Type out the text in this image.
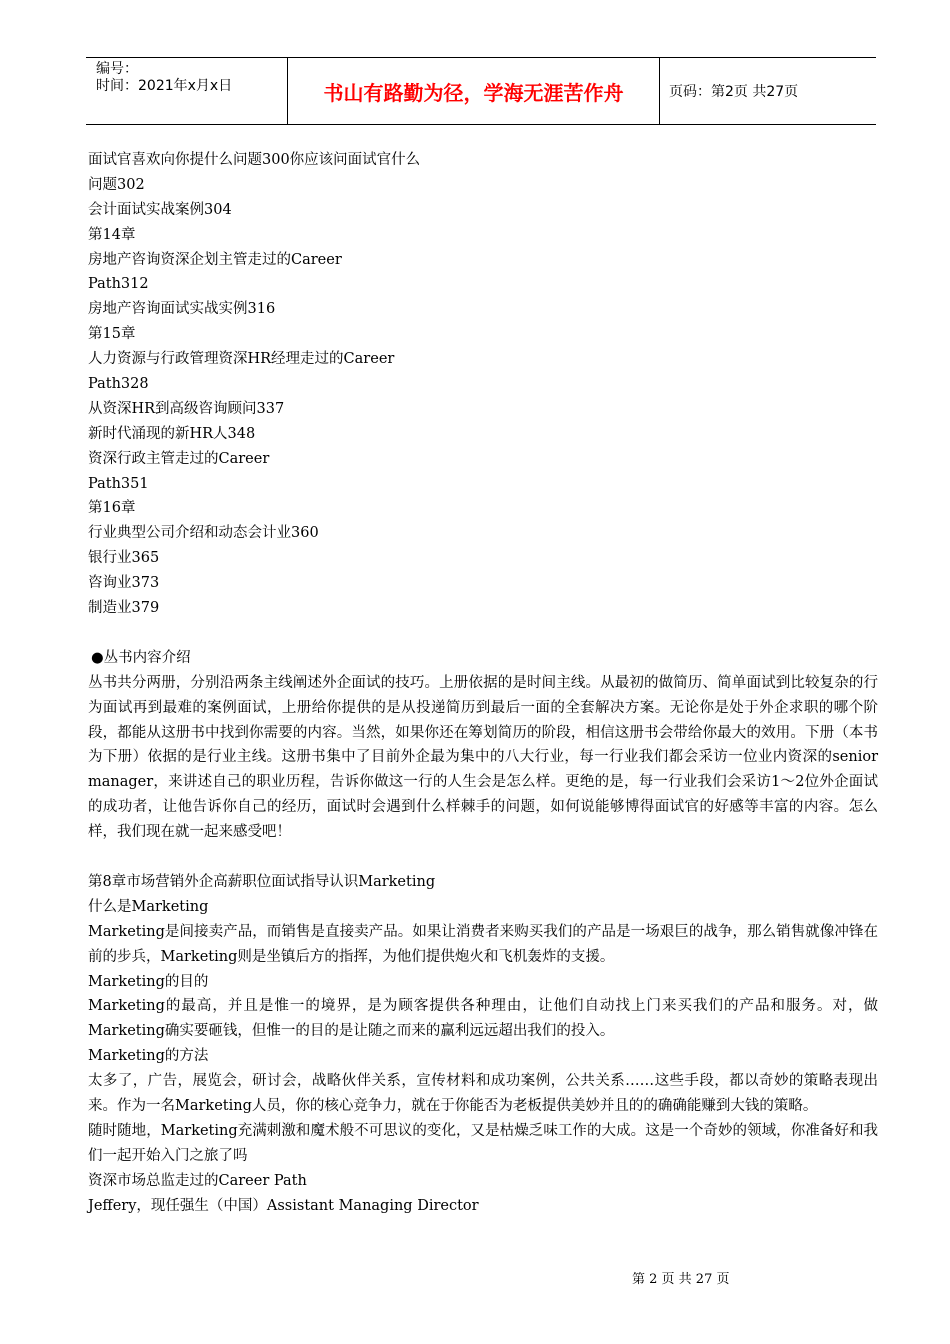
编号：
时间：2021年x月x日	书山有路勤为径，学海无涯苦作舟	页码：第2页 共27页
面试官喜欢向你提什么问题300你应该问面试官什么
问题302
会计面试实战案例304
第14章
房地产咨询资深企划主管走过的Career
Path312
房地产咨询面试实战实例316
第15章
人力资源与行政管理资深HR经理走过的Career
Path328
从资深HR到高级咨询顾问337
新时代涌现的新HR人348
资深行政主管走过的Career
Path351
第16章
行业典型公司介绍和动态会计业360
银行业365
咨询业373
制造业379
●丛书内容介绍
丛书共分两册，分别沿两条主线阐述外企面试的技巧。上册依据的是时间主线。从最初的做简历、简单面试到比较复杂的行为面试再到最难的案例面试，上册给你提供的是从投递简历到最后一面的全套解决方案。无论你是处于外企求职的哪个阶段，都能从这册书中找到你需要的内容。当然，如果你还在筹划简历的阶段，相信这册书会带给你最大的效用。下册（本书为下册）依据的是行业主线。这册书集中了目前外企最为集中的八大行业，每一行业我们都会采访一位业内资深的senior manager，来讲述自己的职业历程，告诉你做这一行的人生会是怎么样。更绝的是，每一行业我们会采访1～2位外企面试的成功者，让他告诉你自己的经历，面试时会遇到什么样棘手的问题，如何说能够博得面试官的好感等丰富的内容。怎么样，我们现在就一起来感受吧！
第8章市场营销外企高薪职位面试指导认识Marketing
什么是Marketing
Marketing是间接卖产品，而销售是直接卖产品。如果让消费者来购买我们的产品是一场艰巨的战争，那么销售就像冲锋在前的步兵，Marketing则是坐镇后方的指挥，为他们提供炮火和飞机轰炸的支援。
Marketing的目的
Marketing的最高，并且是惟一的境界，是为顾客提供各种理由，让他们自动找上门来买我们的产品和服务。对，做Marketing确实要砸钱，但惟一的目的是让随之而来的赢利远远超出我们的投入。
Marketing的方法
太多了，广告，展览会，研讨会，战略伙伴关系，宣传材料和成功案例，公共关系……这些手段，都以奇妙的策略表现出来。作为一名Marketing人员，你的核心竞争力，就在于你能否为老板提供美妙并且的的确确能赚到大钱的策略。
随时随地，Marketing充满刺激和魔术般不可思议的变化，又是枯燥乏味工作的大成。这是一个奇妙的领域，你准备好和我们一起开始入门之旅了吗
资深市场总监走过的Career Path
Jeffery，现任强生（中国）Assistant Managing Director
第 2 页 共 27 页
